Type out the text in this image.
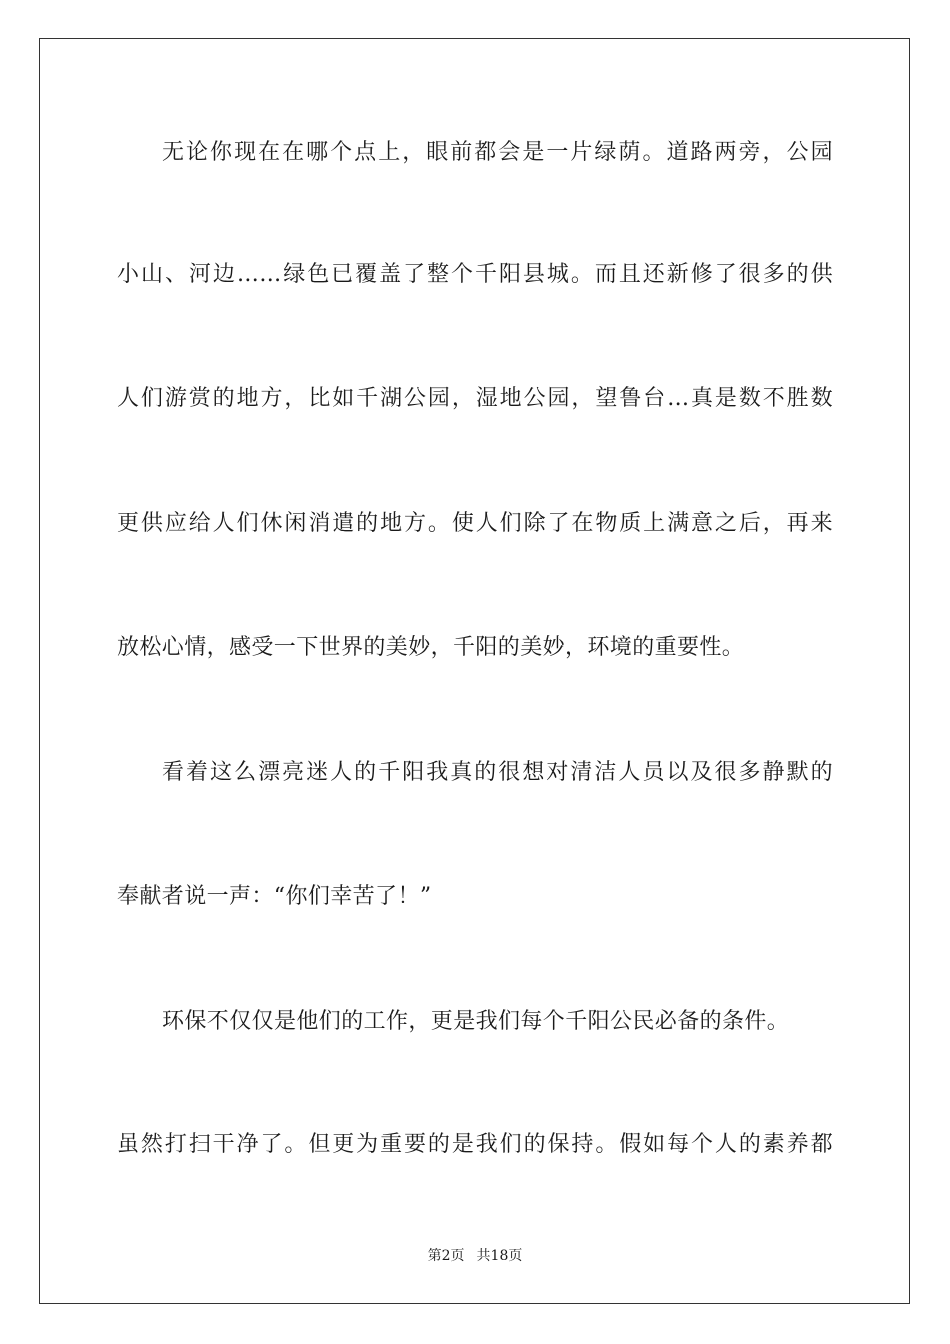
无论你现在在哪个点上，眼前都会是一片绿荫。道路两旁，公园
小山、河边……绿色已覆盖了整个千阳县城。而且还新修了很多的供
人们游赏的地方，比如千湖公园，湿地公园，望鲁台…真是数不胜数
更供应给人们休闲消遣的地方。使人们除了在物质上满意之后，再来
放松心情，感受一下世界的美妙，千阳的美妙，环境的重要性。
看着这么漂亮迷人的千阳我真的很想对清洁人员以及很多静默的
奉献者说一声：“你们幸苦了！”
环保不仅仅是他们的工作，更是我们每个千阳公民必备的条件。
虽然打扫干净了。但更为重要的是我们的保持。假如每个人的素养都
第2页 共18页
